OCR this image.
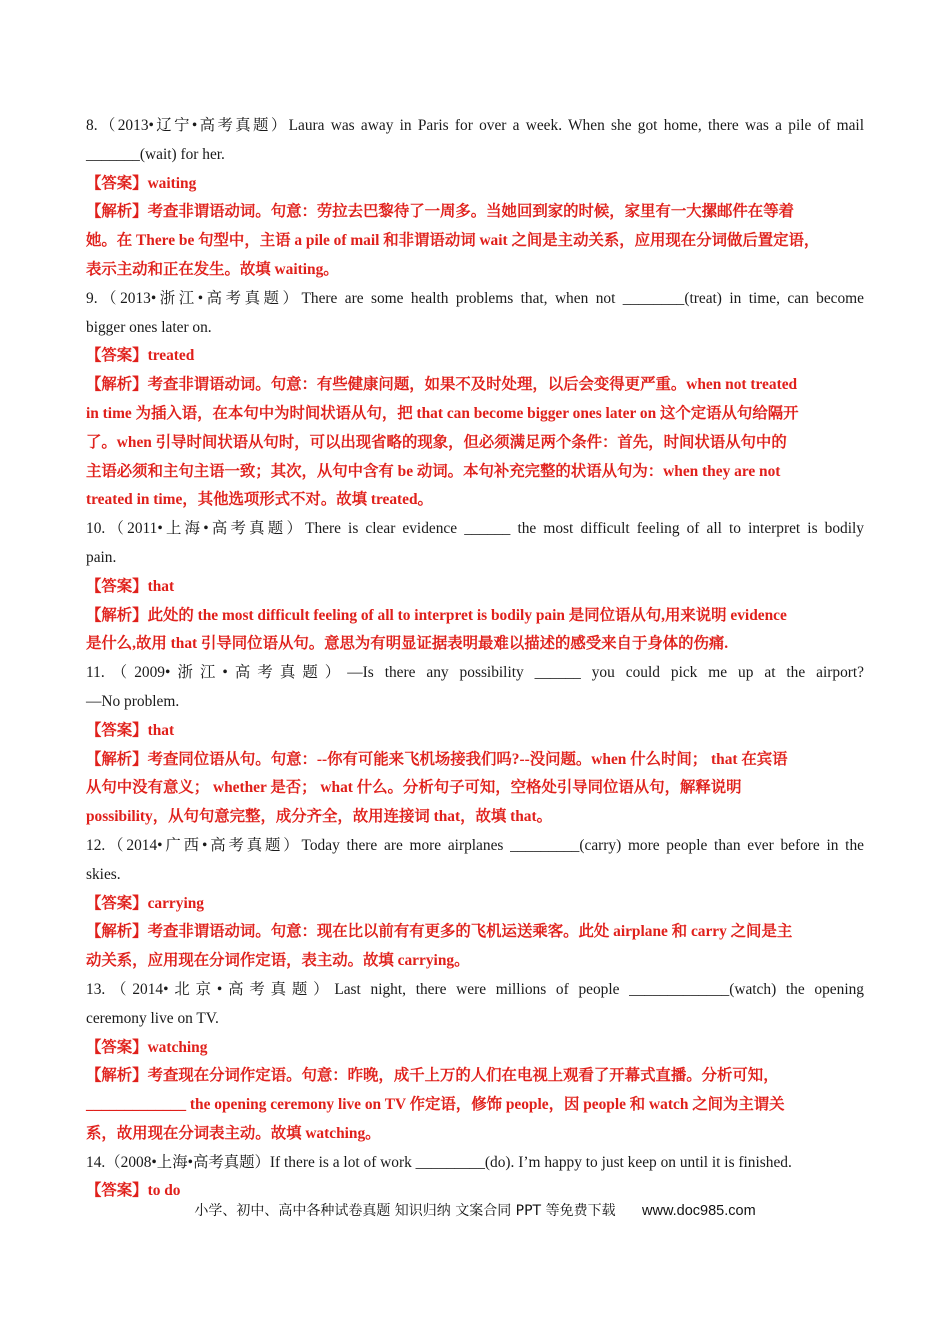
8.（2013•辽宁•高考真题）Laura was away in Paris for over a week. When she got home, there was a pile of mail
_______(wait) for her.
【答案】waiting
【解析】考查非谓语动词。句意：劳拉去巴黎待了一周多。当她回到家的时候，家里有一大摞邮件在等着
她。在 There be 句型中，主语 a pile of mail 和非谓语动词 wait 之间是主动关系，应用现在分词做后置定语，
表示主动和正在发生。故填 waiting。
9.（2013•浙江•高考真题）There are some health problems that, when not ________(treat) in time, can become
bigger ones later on.
【答案】treated
【解析】考查非谓语动词。句意：有些健康问题，如果不及时处理，以后会变得更严重。when not treated
in time 为插入语，在本句中为时间状语从句，把 that can become bigger ones later on 这个定语从句给隔开
了。when 引导时间状语从句时，可以出现省略的现象，但必须满足两个条件：首先，时间状语从句中的
主语必须和主句主语一致；其次，从句中含有 be 动词。本句补充完整的状语从句为：when they are not
treated in time，其他选项形式不对。故填 treated。
10.（2011•上海•高考真题）There is clear evidence ______ the most difficult feeling of all to interpret is bodily
pain.
【答案】that
【解析】此处的 the most difficult feeling of all to interpret is bodily pain 是同位语从句,用来说明 evidence
是什么,故用 that 引导同位语从句。意思为有明显证据表明最难以描述的感受来自于身体的伤痛.
11.（2009•浙江•高考真题）—Is there any possibility ______ you could pick me up at the airport?
—No problem.
【答案】that
【解析】考查同位语从句。句意：--你有可能来飞机场接我们吗?--没问题。when 什么时间； that 在宾语
从句中没有意义； whether 是否； what 什么。分析句子可知，空格处引导同位语从句，解释说明
possibility，从句句意完整，成分齐全，故用连接词 that，故填 that。
12.（2014•广西•高考真题）Today there are more airplanes _________(carry) more people than ever before in the
skies.
【答案】carrying
【解析】考查非谓语动词。句意：现在比以前有有更多的飞机运送乘客。此处 airplane 和 carry 之间是主
动关系，应用现在分词作定语，表主动。故填 carrying。
13.（2014•北京•高考真题）Last night, there were millions of people _____________(watch) the opening
ceremony live on TV.
【答案】watching
【解析】考查现在分词作定语。句意：昨晚，成千上万的人们在电视上观看了开幕式直播。分析可知，
_____________ the opening ceremony live on TV 作定语，修饰 people，因 people 和 watch 之间为主谓关
系，故用现在分词表主动。故填 watching。
14.（2008•上海•高考真题）If there is a lot of work _________(do). I’m happy to just keep on until it is finished.
【答案】to do
小学、初中、高中各种试卷真题 知识归纳 文案合同 PPT 等免费下载 www.doc985.com
